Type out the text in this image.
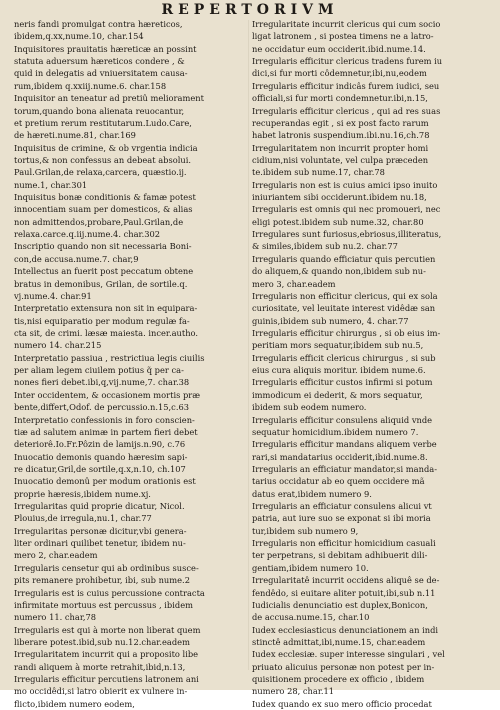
REPERTORIVM
neris fandi promulgat contra hæreticos,
ibidem,q.xx,nume.10, char.154
Inquisitores prauitatis hæreticæ an possint
statuta aduersum hæreticos condere , &
quid in delegatis ad vniuersitatem causa-
rum,ibidem q.xxiij.nume.6. char.158
Inquisitor an teneatur ad pretiû meliorament
torum,quando bona alienata reuocantur,
et pretium rerum restitutarum.Ludo.Care,
de hæreti.nume.81, char.169
Inquisitus de crimine, & ob vrgentia indicia
tortus,& non confessus an debeat absolui.
Paul.Grilan,de relaxa,carcera, quæstio.ij.
nume.1, char.301
Inquisitus bonæ conditionis & famæ potest
innocentiam suam per domesticos, & alias
non admittendos,probare,Paul.Grilan,de
relaxa.carce.q.iij.nume.4. char.302
Inscriptio quando non sit necessaria Boni-
con,de accusa.nume.7. char,9
Intellectus an fuerit post peccatum obtene
bratus in demonibus, Grilan, de sortile.q.
vj.nume.4. char.91
Interpretatio extensura non sit in equipara-
tis,nisi equiparatio per modum regulæ fa-
cta sit, de crimi. læsæ maiesta. incer.autho.
numero 14. char.215
Interpretatio passiua , restrictiua legis ciuilis
per aliam legem ciuilem potius q̃ per ca-
nones fieri debet.ibi,q,vij.nume,7. char.38
Inter occidentem, & occasionem mortis præ
bente,differt,Odof. de percussio.n.15,c.63
Interpretatio confessionis in foro conscien-
tiæ ad salutem animæ in partem fieri debet
deteriorê.Io.Fr.Pôzin de lamijs.n.90, c.76
Inuocatio demonis quando hæresim sapi-
re dicatur,Gril,de sortile,q.x,n.10, ch.107
Inuocatio demonû per modum orationis est
proprie hæresis,ibidem nume.xj.
Irregularitas quid proprie dicatur, Nicol.
Plouius,de irregula,nu.1, char.77
Irregularitas personæ dicitur,vbi genera-
liter ordinari quilibet tenetur, ibidem nu-
mero 2, char.eadem
Irregularis censetur qui ab ordinibus susce-
pits remanere prohibetur, ibi, sub nume.2
Irregularis est is cuius percussione contracta
infirmitate mortuus est percussus , ibidem
numero 11. char,78
Irregularis est qui à morte non liberat quem
liberare potest.ibid,sub nu.12.char.eadem
Irregularitatem incurrit qui a proposito libe
randi aliquem à morte retrahit,ibid,n.13,
Irregularis efficitur percutiens latronem ani
mo occidêdi,si latro obierit ex vulnere in-
flicto,ibidem numero eodem,
Irregularitate incurrit clericus qui cum socio
ligat latronem , si postea timens ne a latro-
ne occidatur eum occiderit.ibid.nume.14.
Irregularis efficitur clericus tradens furem iu
dici,si fur morti côdemnetur,ibi,nu,eodem
Irregularis efficitur indicâs furem iudici, seu
officiali,si fur morti condemnetur.ibi,n.15,
Irregularis efficitur clericus , qui ad res suas
recuperandas egit , si ex post facto rarum
habet latronis suspendium.ibi.nu.16,ch.78
Irregularitatem non incurrit propter homi
cidium,nisi voluntate, vel culpa præceden
te.ibidem sub nume.17, char.78
Irregularis non est is cuius amici ipso inuito
iniuriantem sibi occiderunt.ibidem nu.18,
Irregularis est omnis qui nec promoueri, nec
eligi potest.ibidem sub nume.32, char.80
Irregulares sunt furiosus,ebriosus,illiteratus,
& similes,ibidem sub nu.2. char.77
Irregularis quando efficiatur quis percutien
do aliquem,& quando non,ibidem sub nu-
mero 3, char.eadem
Irregularis non efficitur clericus, qui ex sola
curiositate, vel leuitate interest vidêdæ san
guinis,ibidem sub numero, 4. char.77
Irregularis efficitur chirurgus , si ob eius im-
peritiam mors sequatur,ibidem sub nu.5,
Irregularis efficit clericus chirurgus , si sub
eius cura aliquis moritur. ibidem nume.6.
Irregularis efficitur custos infirmi si potum
immodicum ei dederit, & mors sequatur,
ibidem sub eodem numero.
Irregularis efficitur consulens aliquid vnde
sequatur homicidium.ibidem numero 7.
Irregularis efficitur mandans aliquem verbe
rari,si mandatarius occiderit,ibid.nume.8.
Irregularis an efficiatur mandator,si manda-
tarius occidatur ab eo quem occidere mã
datus erat,ibidem numero 9.
Irregularis an efficiatur consulens alicui vt
patria, aut iure suo se exponat si ibi moria
tur,ibidem sub numero 9,
Irregularis non efficitur homicidium casuali
ter perpetrans, si debitam adhibuerit dili-
gentiam,ibidem numero 10.
Irregularitatê incurrit occidens aliquê se de-
fendêdo, si euitare aliter potuit,ibi,sub n.11
Iudicialis denunciatio est duplex,Bonicon,
de accusa.nume.15, char.10
Iudex ecclesiasticus denunciationem an indi
stinctê admittat,ibi,nume.15, char.eadem
Iudex ecclesiæ. super interesse singulari , vel
priuato alicuius personæ non potest per in-
quisitionem procedere ex officio , ibidem
numero 28, char.11
Iudex quando ex suo mero officio procedat
